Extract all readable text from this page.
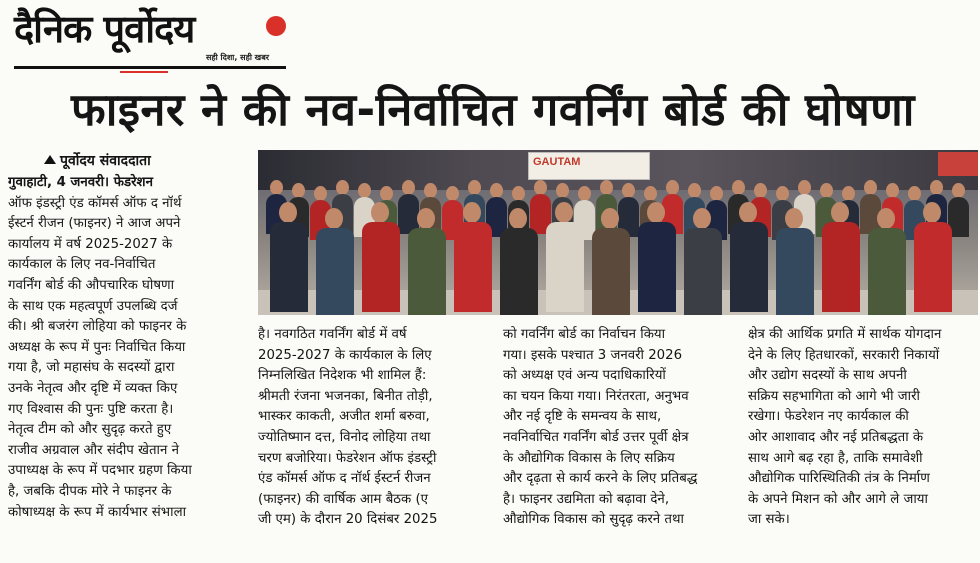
दैनिक पूर्वोदय
सही दिशा, सही खबर
फाइनर ने की नव-निर्वाचित गवर्निंग बोर्ड की घोषणा
पूर्वोदय संवाददाता	GAUTAM
गुवाहाटी, 4 जनवरी। फेडरेशन
ऑफ इंडस्ट्री एंड कॉमर्स ऑफ द नॉर्थ
ईस्टर्न रीजन (फाइनर) ने आज अपने
कार्यालय में वर्ष 2025-2027 के
कार्यकाल के लिए नव-निर्वाचित
गवर्निंग बोर्ड की औपचारिक घोषणा
के साथ एक महत्वपूर्ण उपलब्धि दर्ज
की। श्री बजरंग लोहिया को फाइनर के
अध्यक्ष के रूप में पुनः निर्वाचित किया
गया है, जो महासंघ के सदस्यों द्वारा
उनके नेतृत्व और दृष्टि में व्यक्त किए
गए विश्वास की पुनः पुष्टि करता है।
नेतृत्व टीम को और सुदृढ़ करते हुए
राजीव अग्रवाल और संदीप खेतान ने
उपाध्यक्ष के रूप में पदभार ग्रहण किया
है, जबकि दीपक मोरे ने फाइनर के
कोषाध्यक्ष के रूप में कार्यभार संभाला
है। नवगठित गवर्निंग बोर्ड में वर्ष
2025-2027 के कार्यकाल के लिए
निम्नलिखित निदेशक भी शामिल हैं:
श्रीमती रंजना भजनका, बिनीत तोड़ी,
भास्कर काकती, अजीत शर्मा बरुवा,
ज्योतिष्मान दत्त, विनोद लोहिया तथा
चरण बजोरिया। फेडरेशन ऑफ इंडस्ट्री
एंड कॉमर्स ऑफ द नॉर्थ ईस्टर्न रीजन
(फाइनर) की वार्षिक आम बैठक (ए
जी एम) के दौरान 20 दिसंबर 2025
को गवर्निंग बोर्ड का निर्वाचन किया
गया। इसके पश्चात 3 जनवरी 2026
को अध्यक्ष एवं अन्य पदाधिकारियों
का चयन किया गया। निरंतरता, अनुभव
और नई दृष्टि के समन्वय के साथ,
नवनिर्वाचित गवर्निंग बोर्ड उत्तर पूर्वी क्षेत्र
के औद्योगिक विकास के लिए सक्रिय
और दृढ़ता से कार्य करने के लिए प्रतिबद्ध
है। फाइनर उद्यमिता को बढ़ावा देने,
औद्योगिक विकास को सुदृढ़ करने तथा
क्षेत्र की आर्थिक प्रगति में सार्थक योगदान
देने के लिए हितधारकों, सरकारी निकायों
और उद्योग सदस्यों के साथ अपनी
सक्रिय सहभागिता को आगे भी जारी
रखेगा। फेडरेशन नए कार्यकाल की
ओर आशावाद और नई प्रतिबद्धता के
साथ आगे बढ़ रहा है, ताकि समावेशी
औद्योगिक पारिस्थितिकी तंत्र के निर्माण
के अपने मिशन को और आगे ले जाया
जा सके।
